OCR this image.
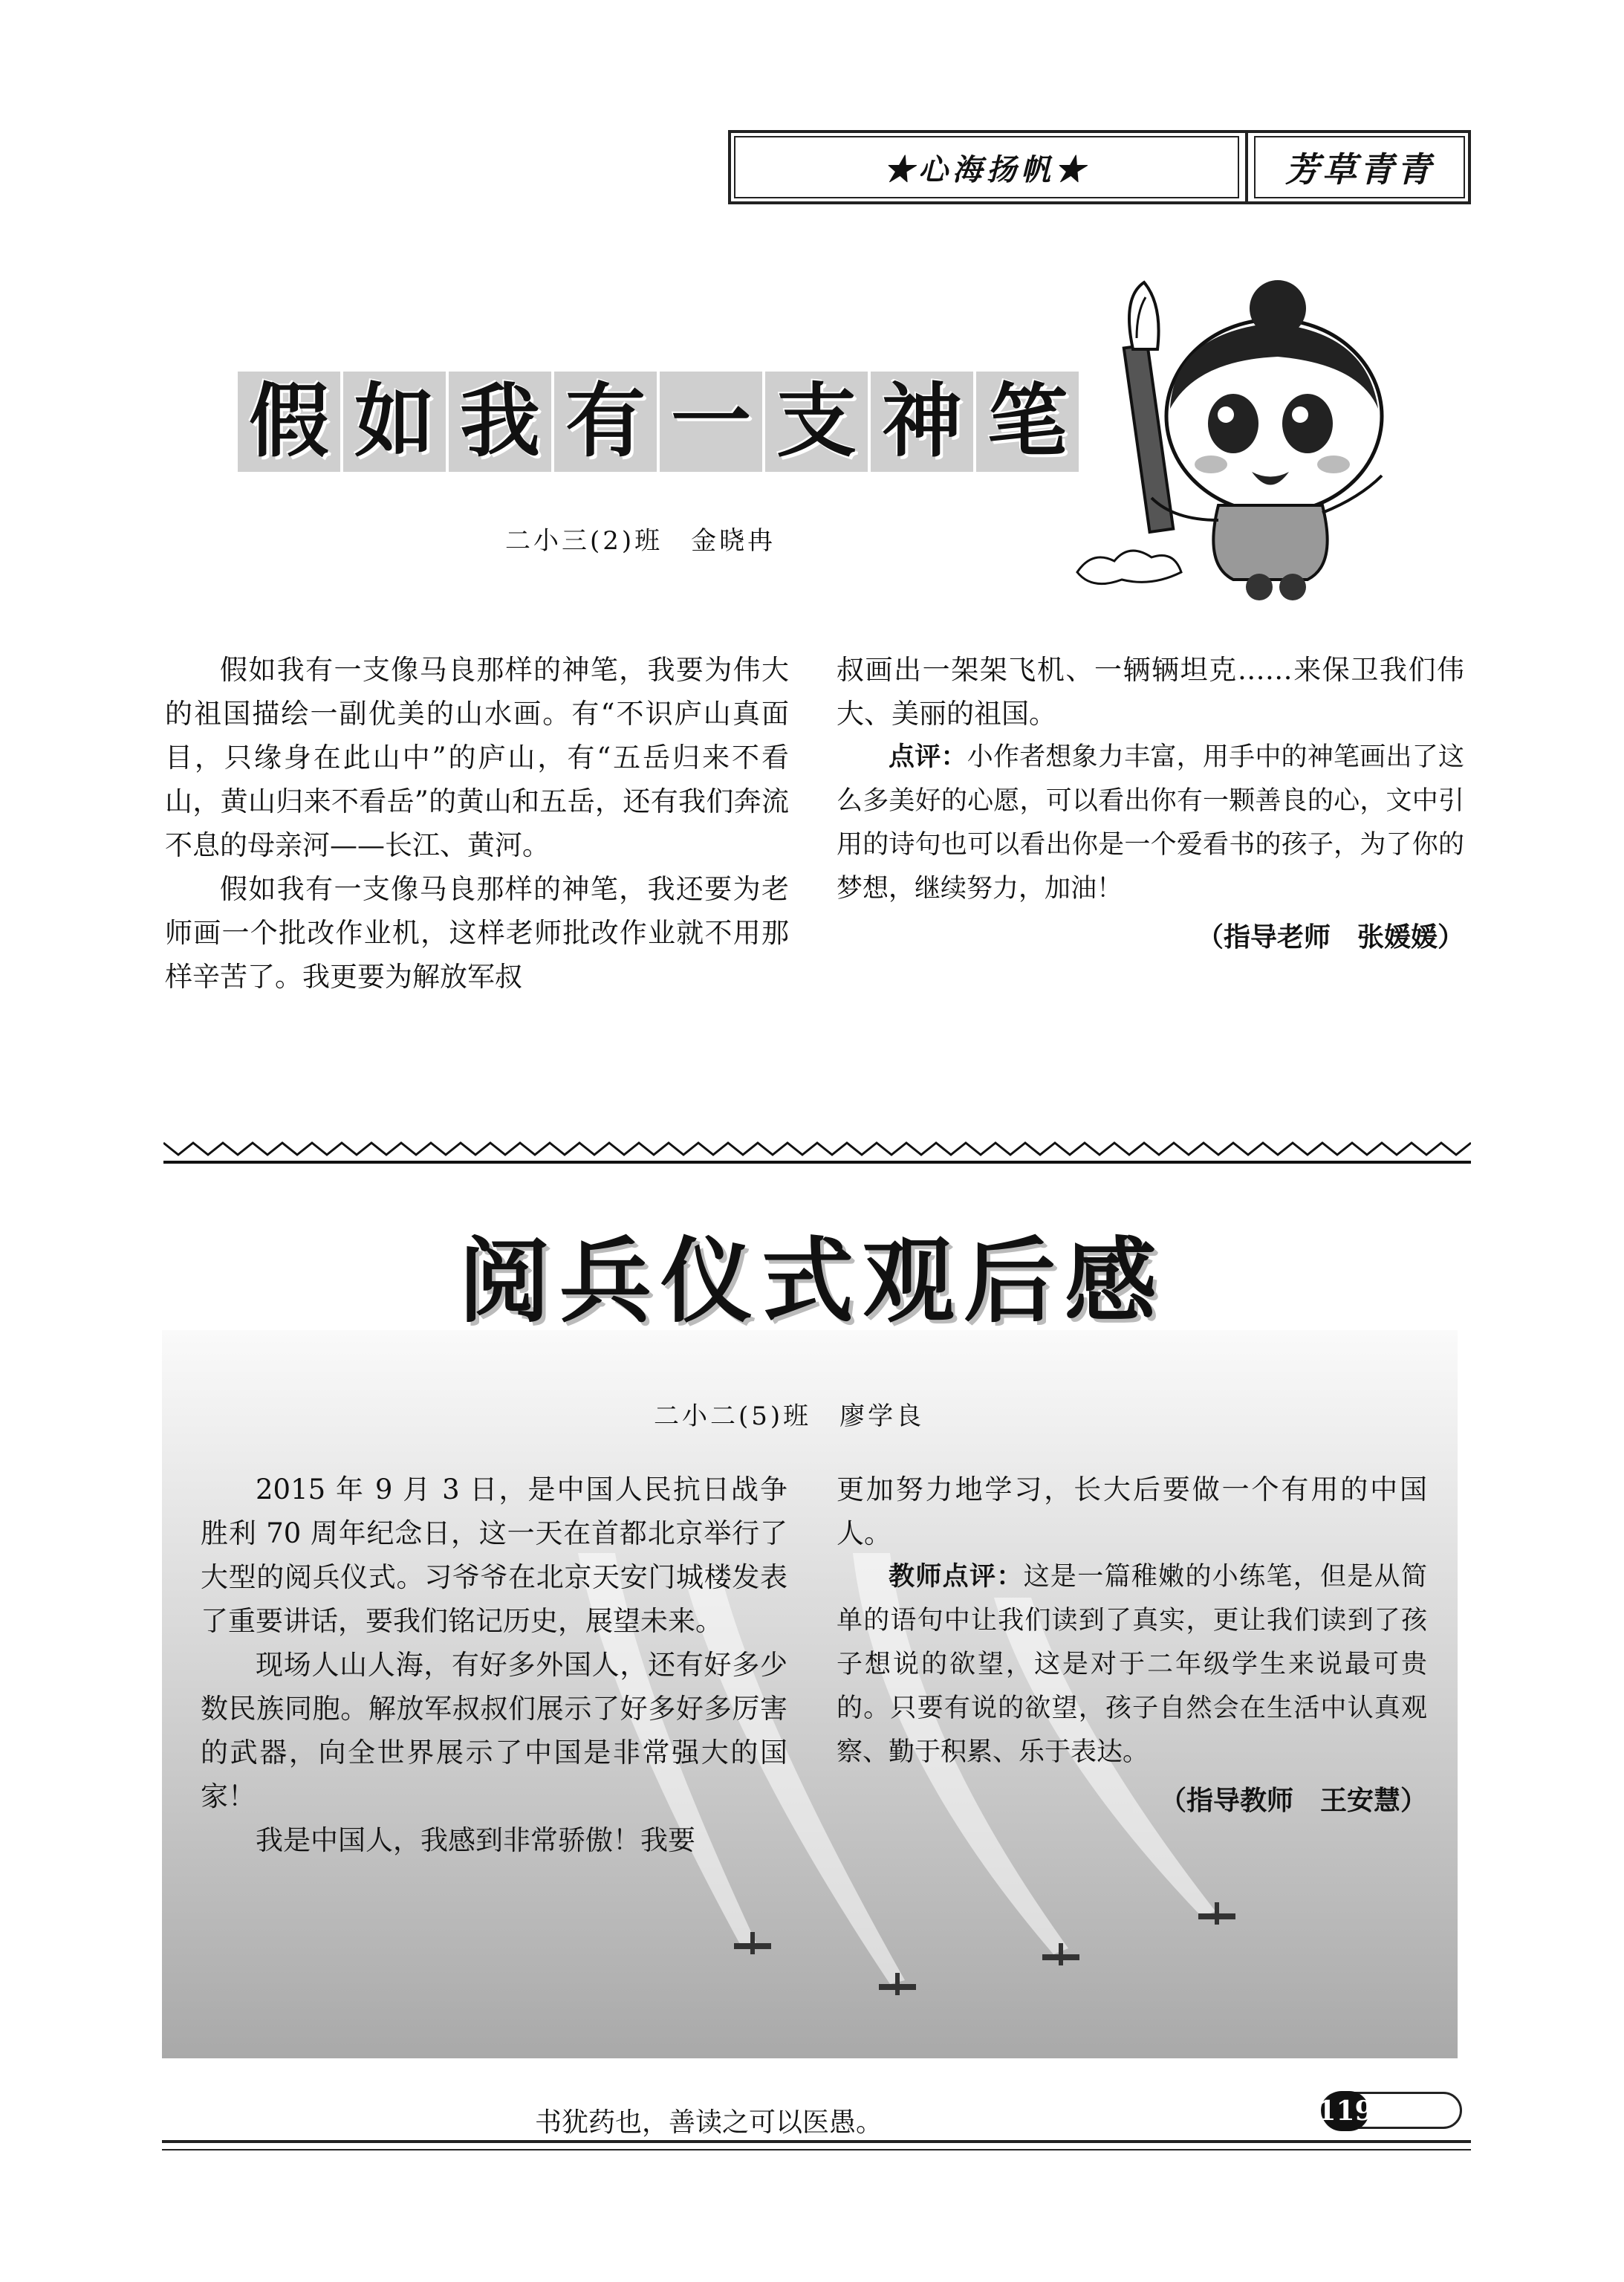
★心海扬帆★	芳草青青
假 如 我 有 一 支 神 笔
二小三(2)班　金晓冉

假如我有一支像马良那样的神笔，我要为伟大的祖国描绘一副优美的山水画。有“不识庐山真面目，只缘身在此山中”的庐山，有“五岳归来不看山，黄山归来不看岳”的黄山和五岳，还有我们奔流不息的母亲河——长江、黄河。

假如我有一支像马良那样的神笔，我还要为老师画一个批改作业机，这样老师批改作业就不用那样辛苦了。我更要为解放军叔

叔画出一架架飞机、一辆辆坦克……来保卫我们伟大、美丽的祖国。

点评：小作者想象力丰富，用手中的神笔画出了这么多美好的心愿，可以看出你有一颗善良的心，文中引用的诗句也可以看出你是一个爱看书的孩子，为了你的梦想，继续努力，加油！

（指导老师　张媛媛）
阅兵仪式观后感
二小二(5)班　廖学良

2015 年 9 月 3 日，是中国人民抗日战争胜利 70 周年纪念日，这一天在首都北京举行了大型的阅兵仪式。习爷爷在北京天安门城楼发表了重要讲话，要我们铭记历史，展望未来。

现场人山人海，有好多外国人，还有好多少数民族同胞。解放军叔叔们展示了好多好多厉害的武器，向全世界展示了中国是非常强大的国家！

我是中国人，我感到非常骄傲！我要

更加努力地学习，长大后要做一个有用的中国人。

教师点评：这是一篇稚嫩的小练笔，但是从简单的语句中让我们读到了真实，更让我们读到了孩子想说的欲望，这是对于二年级学生来说最可贵的。只要有说的欲望，孩子自然会在生活中认真观察、勤于积累、乐于表达。

（指导教师　王安慧）
书犹药也，善读之可以医愚。	119
